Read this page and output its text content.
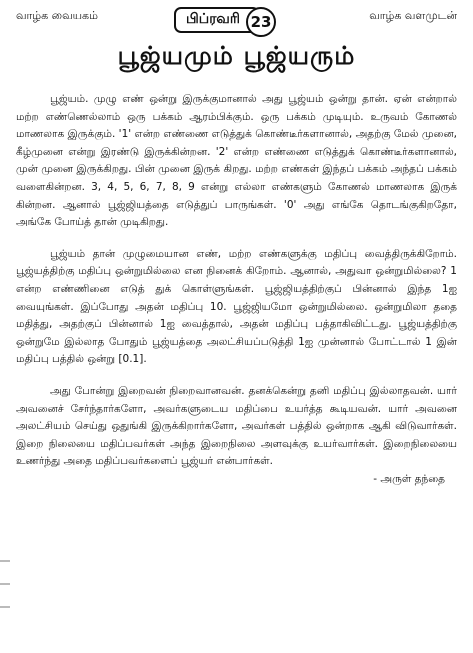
வாழ்க வையகம்	பிப்ரவரி 23	வாழ்க வளமுடன்
பூஜ்யமும் பூஜ்யரும்

பூஜ்யம். முழு எண் ஒன்று இருக்குமானால் அது பூஜ்யம் ஒன்று தான். ஏன் என்றால் மற்ற எண்ணெல்லாம் ஒரு பக்கம் ஆரம்பிக்கும். ஒரு பக்கம் முடியும். உருவம் கோணல் மாணலாக இருக்கும். '1' என்ற எண்ணை எடுத்துக் கொண்டீர்களானால், அதற்கு மேல் முனை, கீழ்முனை என்று இரண்டு இருக்கின்றன. '2' என்ற எண்ணை எடுத்துக் கொண்டீர்களானால், முன் முனை இருக்கிறது. பின் முனை இருக் கிறது. மற்ற எண்கள் இந்தப் பக்கம் அந்தப் பக்கம் வளைகின்றன. 3, 4, 5, 6, 7, 8, 9 என்று எல்லா எண்களும் கோணல் மாணலாக இருக் கின்றன. ஆனால் பூஜ்ஜியத்தை எடுத்துப் பாருங்கள். '0' அது எங்கே தொடங்குகிறதோ, அங்கே போய்த் தான் முடிகிறது.

பூஜ்யம் தான் முழுமையான எண், மற்ற எண்களுக்கு மதிப்பு வைத்திருக்கிறோம். பூஜ்யத்திற்கு மதிப்பு ஒன்றுமில்லை என நினைக் கிறோம். ஆனால், அதுவா ஒன்றுமில்லை? 1 என்ற எண்ணினை எடுத் துக் கொள்ளுங்கள். பூஜ்ஜியத்திற்குப் பின்னால் இந்த 1ஐ வையுங்கள். இப்போது அதன் மதிப்பு 10. பூஜ்ஜியமோ ஒன்றுமில்லை. ஒன்றுமிலா ததை மதித்து, அதற்குப் பின்னால் 1ஐ வைத்தால், அதன் மதிப்பு பத்தாகிவிட்டது. பூஜ்யத்திற்கு ஒன்றுமே இல்லாத போதும் பூஜ்யத்தை அலட்சியப்படுத்தி 1ஐ முன்னால் போட்டால் 1 இன் மதிப்பு பத்தில் ஒன்று [0.1].

அது போன்று இறைவன் நிறைவானவன். தனக்கென்று தனி மதிப்பு இல்லாதவன். யார் அவனைச் சேர்ந்தார்களோ, அவர்களுடைய மதிப்பை உயர்த்த கூடியவன். யார் அவனை அலட்சியம் செய்து ஒதுங்கி இருக்கிறார்களோ, அவர்கள் பத்தில் ஒன்றாக ஆகி விடுவார்கள். இறை நிலையை மதிப்பவர்கள் அந்த இறைநிலை அளவுக்கு உயர்வார்கள். இறைநிலையை உணர்ந்து அதை மதிப்பவர்களைப் பூஜ்யர் என்பார்கள்.

- அருள் தந்தை
